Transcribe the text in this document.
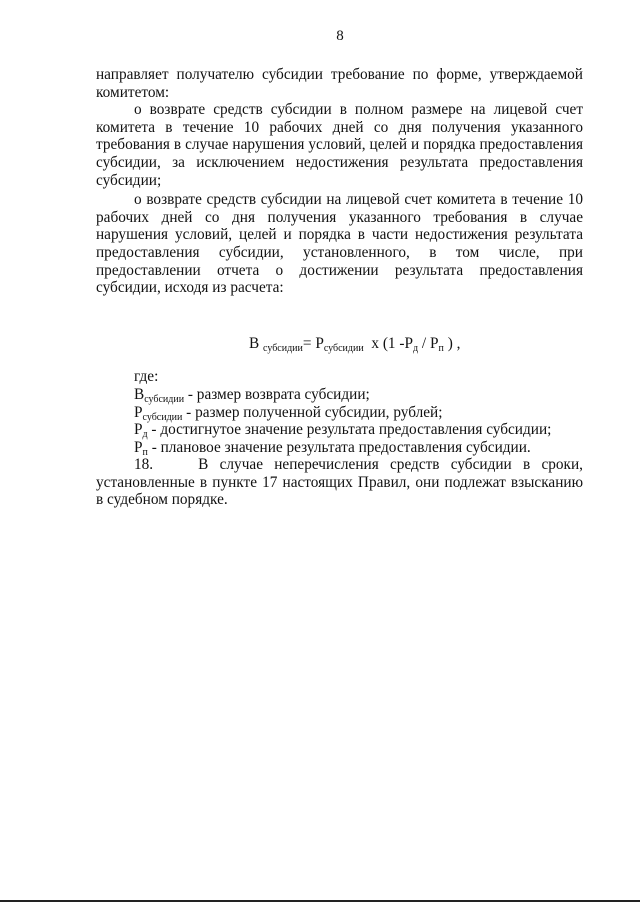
8

направляет получателю субсидии требование по форме, утверждаемой комитетом:

о возврате средств субсидии в полном размере на лицевой счет комитета в течение 10 рабочих дней со дня получения указанного требования в случае нарушения условий, целей и порядка предоставления субсидии, за исключением недостижения результата предоставления субсидии;

о возврате средств субсидии на лицевой счет комитета в течение 10 рабочих дней со дня получения указанного требования в случае нарушения условий, целей и порядка в части недостижения результата предоставления субсидии, установленного, в том числе, при предоставлении отчета о достижении результата предоставления субсидии, исходя из расчета:

В $_{субсидии}= Р_{субсидии}$ x (1 $-Р_д / Р_п$ ) ,

где:

$В_{субсидии}$ - размер возврата субсидии;

$Р_{субсидии}$ - размер полученной субсидии, рублей;

$Р_д$ - достигнутое значение результата предоставления субсидии;

$Р_п$ - плановое значение результата предоставления субсидии.

18.	В случае неперечисления средств субсидии в сроки, установленные в пункте 17 настоящих Правил, они подлежат взысканию в судебном порядке.
